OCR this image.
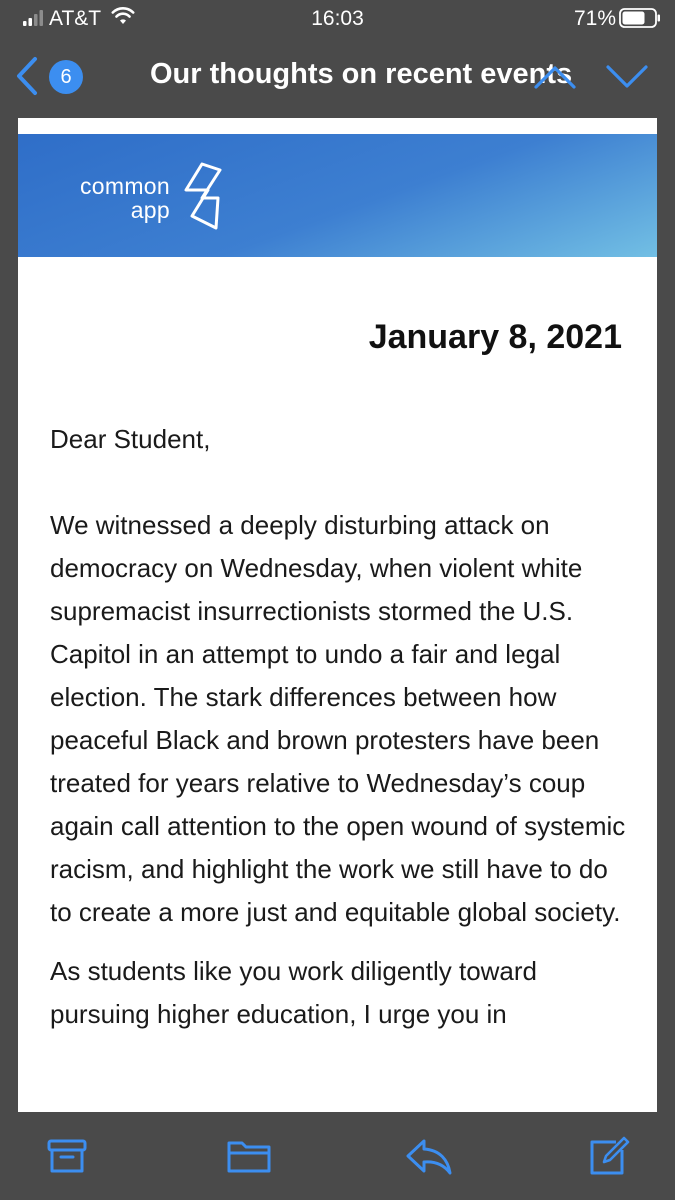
AT&T	16:03	71%
6	Our thoughts on recent events
common
app
January 8, 2021

Dear Student,

We witnessed a deeply disturbing attack on democracy on Wednesday, when violent white supremacist insurrectionists stormed the U.S. Capitol in an attempt to undo a fair and legal election. The stark differences between how peaceful Black and brown protesters have been treated for years relative to Wednesday’s coup again call attention to the open wound of systemic racism, and highlight the work we still have to do to create a more just and equitable global society.

As students like you work diligently toward pursuing higher education, I urge you in
